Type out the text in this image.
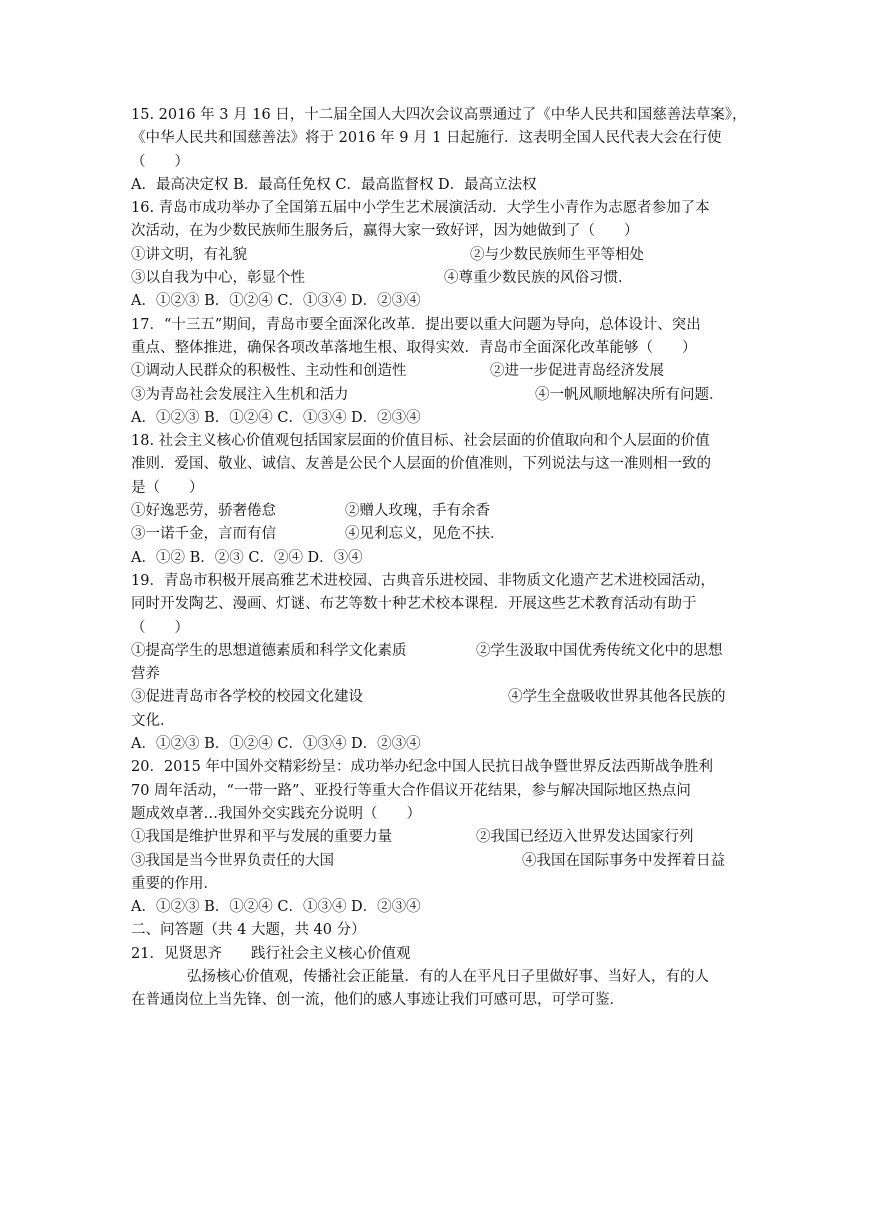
15. 2016 年 3 月 16 日，十二届全国人大四次会议高票通过了《中华人民共和国慈善法草案》，
《中华人民共和国慈善法》将于 2016 年 9 月 1 日起施行．这表明全国人民代表大会在行使
（　　）
A．最高决定权 B．最高任免权 C．最高监督权 D．最高立法权
16. 青岛市成功举办了全国第五届中小学生艺术展演活动．大学生小青作为志愿者参加了本
次活动，在为少数民族师生服务后，赢得大家一致好评，因为她做到了（　　）
①讲文明，有礼貌	②与少数民族师生平等相处
③以自我为中心，彰显个性	④尊重少数民族的风俗习惯．
A．①②③ B．①②④ C．①③④ D．②③④
17．“十三五”期间，青岛市要全面深化改革．提出要以重大问题为导向，总体设计、突出
重点、整体推进，确保各项改革落地生根、取得实效．青岛市全面深化改革能够（　　）
①调动人民群众的积极性、主动性和创造性	②进一步促进青岛经济发展
③为青岛社会发展注入生机和活力	④一帆风顺地解决所有问题．
A．①②③ B．①②④ C．①③④ D．②③④
18. 社会主义核心价值观包括国家层面的价值目标、社会层面的价值取向和个人层面的价值
准则．爱国、敬业、诚信、友善是公民个人层面的价值准则，下列说法与这一准则相一致的
是（　　）
①好逸恶劳，骄奢倦怠	②赠人玫瑰，手有余香
③一诺千金，言而有信	④见利忘义，见危不扶．
A．①② B．②③ C．②④ D．③④
19．青岛市积极开展高雅艺术进校园、古典音乐进校园、非物质文化遗产艺术进校园活动，
同时开发陶艺、漫画、灯谜、布艺等数十种艺术校本课程．开展这些艺术教育活动有助于
（　　）
①提高学生的思想道德素质和科学文化素质	②学生汲取中国优秀传统文化中的思想
营养
③促进青岛市各学校的校园文化建设	④学生全盘吸收世界其他各民族的
文化．
A．①②③ B．①②④ C．①③④ D．②③④
20．2015 年中国外交精彩纷呈：成功举办纪念中国人民抗日战争暨世界反法西斯战争胜利
70 周年活动，“一带一路”、亚投行等重大合作倡议开花结果，参与解决国际地区热点问
题成效卓著…我国外交实践充分说明（　　）
①我国是维护世界和平与发展的重要力量	②我国已经迈入世界发达国家行列
③我国是当今世界负责任的大国	④我国在国际事务中发挥着日益
重要的作用．
A．①②③ B．①②④ C．①③④ D．②③④
二、问答题（共 4 大题，共 40 分）
21．见贤思齐　　践行社会主义核心价值观
弘扬核心价值观，传播社会正能量．有的人在平凡日子里做好事、当好人，有的人
在普通岗位上当先锋、创一流，他们的感人事迹让我们可感可思，可学可鉴．
